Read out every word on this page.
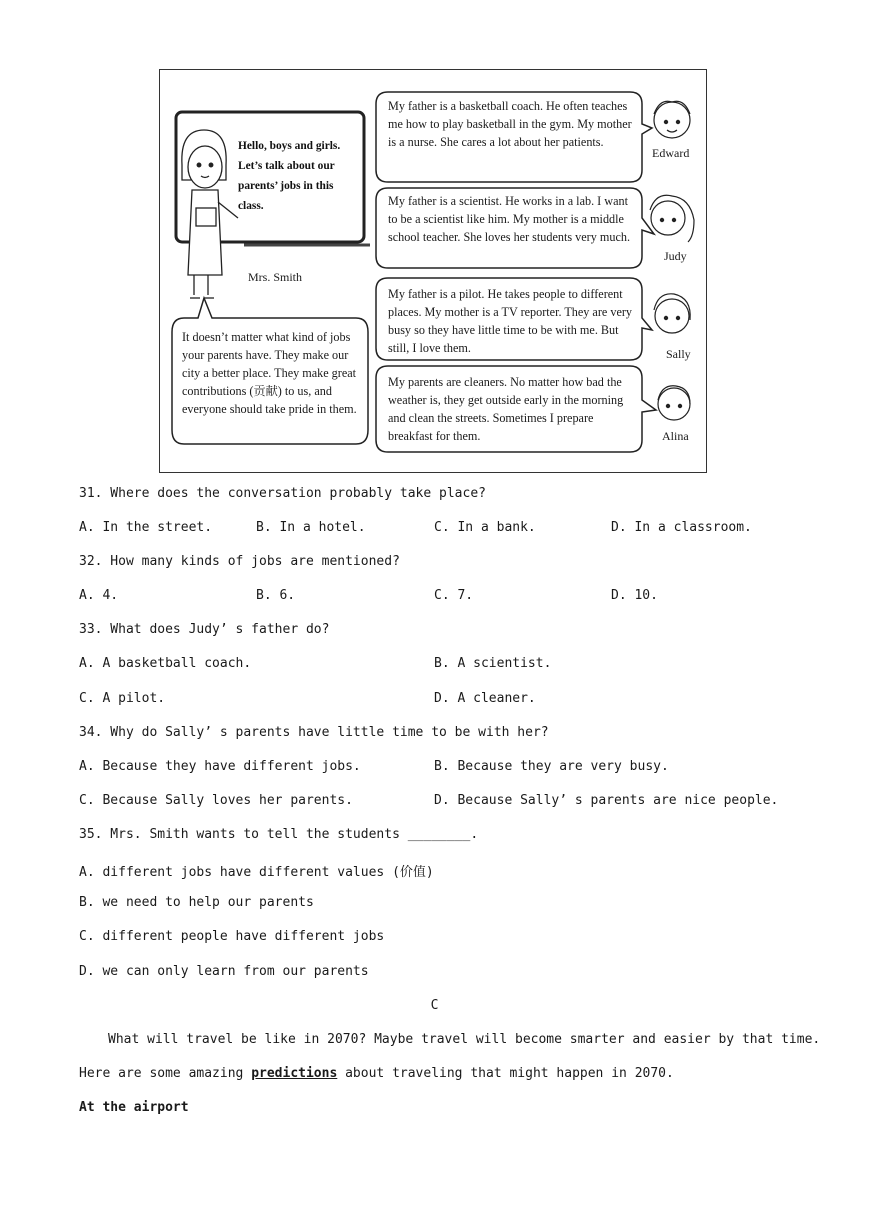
Hello, boys and girls. Let’s talk about our parents’ jobs in this class.
Mrs. Smith
It doesn’t matter what kind of jobs your parents have. They make our city a better place. They make great contributions (贡献) to us, and everyone should take pride in them.
My father is a basketball coach. He often teaches me how to play basketball in the gym. My mother is a nurse. She cares a lot about her patients.
Edward
My father is a scientist. He works in a lab. I want to be a scientist like him. My mother is a middle school teacher. She loves her students very much.
Judy
My father is a pilot. He takes people to different places. My mother is a TV reporter. They are very busy so they have little time to be with me. But still, I love them.	Sally
My parents are cleaners. No matter how bad the weather is, they get outside early in the morning and clean the streets. Sometimes I prepare breakfast for them.	Alina
31. Where does the conversation probably take place?
A. In the street.	B. In a hotel.	C. In a bank.	D. In a classroom.
32. How many kinds of jobs are mentioned?
A. 4.	B. 6.	C. 7.	D. 10.
33. What does Judy’ s father do?
A. A basketball coach.	B. A scientist.
C. A pilot.	D. A cleaner.
34. Why do Sally’ s parents have little time to be with her?
A. Because they have different jobs.	B. Because they are very busy.
C. Because Sally loves her parents.	D. Because Sally’ s parents are nice people.
35. Mrs. Smith wants to tell the students ________.
A. different jobs have different values (价值)
B. we need to help our parents
C. different people have different jobs
D. we can only learn from our parents
C
What will travel be like in 2070? Maybe travel will become smarter and easier by that time.
Here are some amazing predictions about traveling that might happen in 2070.
At the airport
